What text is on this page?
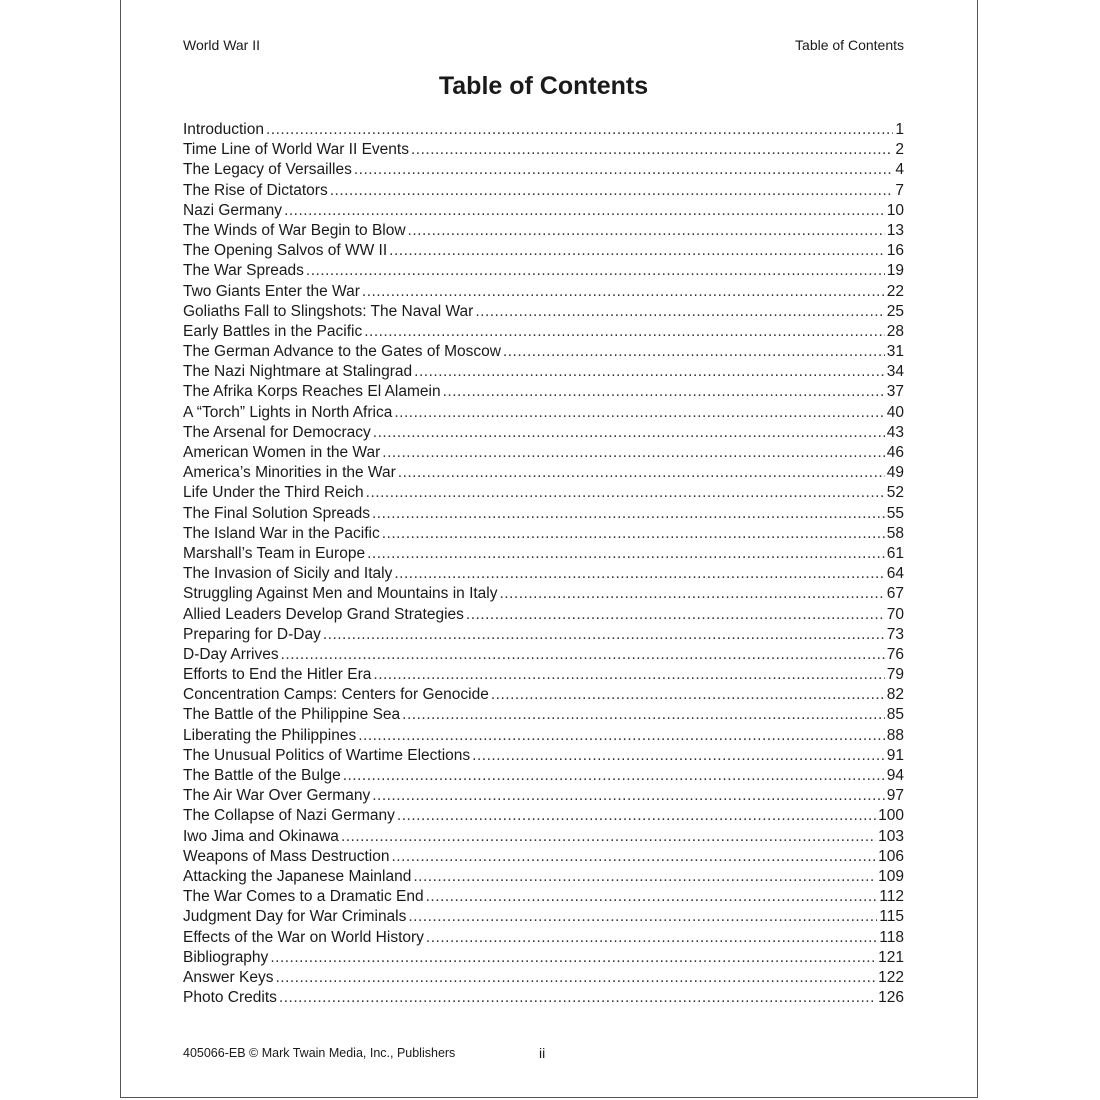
World War II	Table of Contents
Table of Contents
Introduction .....	1
Time Line of World War II Events .....	2
The Legacy of Versailles .....	4
The Rise of Dictators .....	7
Nazi Germany .....	10
The Winds of War Begin to Blow .....	13
The Opening Salvos of WW II .....	16
The War Spreads .....	19
Two Giants Enter the War .....	22
Goliaths Fall to Slingshots: The Naval War .....	25
Early Battles in the Pacific .....	28
The German Advance to the Gates of Moscow .....	31
The Nazi Nightmare at Stalingrad .....	34
The Afrika Korps Reaches El Alamein .....	37
A “Torch” Lights in North Africa .....	40
The Arsenal for Democracy .....	43
American Women in the War .....	46
America’s Minorities in the War .....	49
Life Under the Third Reich .....	52
The Final Solution Spreads .....	55
The Island War in the Pacific .....	58
Marshall’s Team in Europe .....	61
The Invasion of Sicily and Italy .....	64
Struggling Against Men and Mountains in Italy .....	67
Allied Leaders Develop Grand Strategies .....	70
Preparing for D-Day .....	73
D-Day Arrives .....	76
Efforts to End the Hitler Era .....	79
Concentration Camps: Centers for Genocide .....	82
The Battle of the Philippine Sea .....	85
Liberating the Philippines .....	88
The Unusual Politics of Wartime Elections .....	91
The Battle of the Bulge .....	94
The Air War Over Germany .....	97
The Collapse of Nazi Germany .....	100
Iwo Jima and Okinawa .....	103
Weapons of Mass Destruction .....	106
Attacking the Japanese Mainland .....	109
The War Comes to a Dramatic End .....	112
Judgment Day for War Criminals .....	115
Effects of the War on World History .....	118
Bibliography .....	121
Answer Keys .....	122
Photo Credits .....	126
405066-EB © Mark Twain Media, Inc., Publishers	ii
